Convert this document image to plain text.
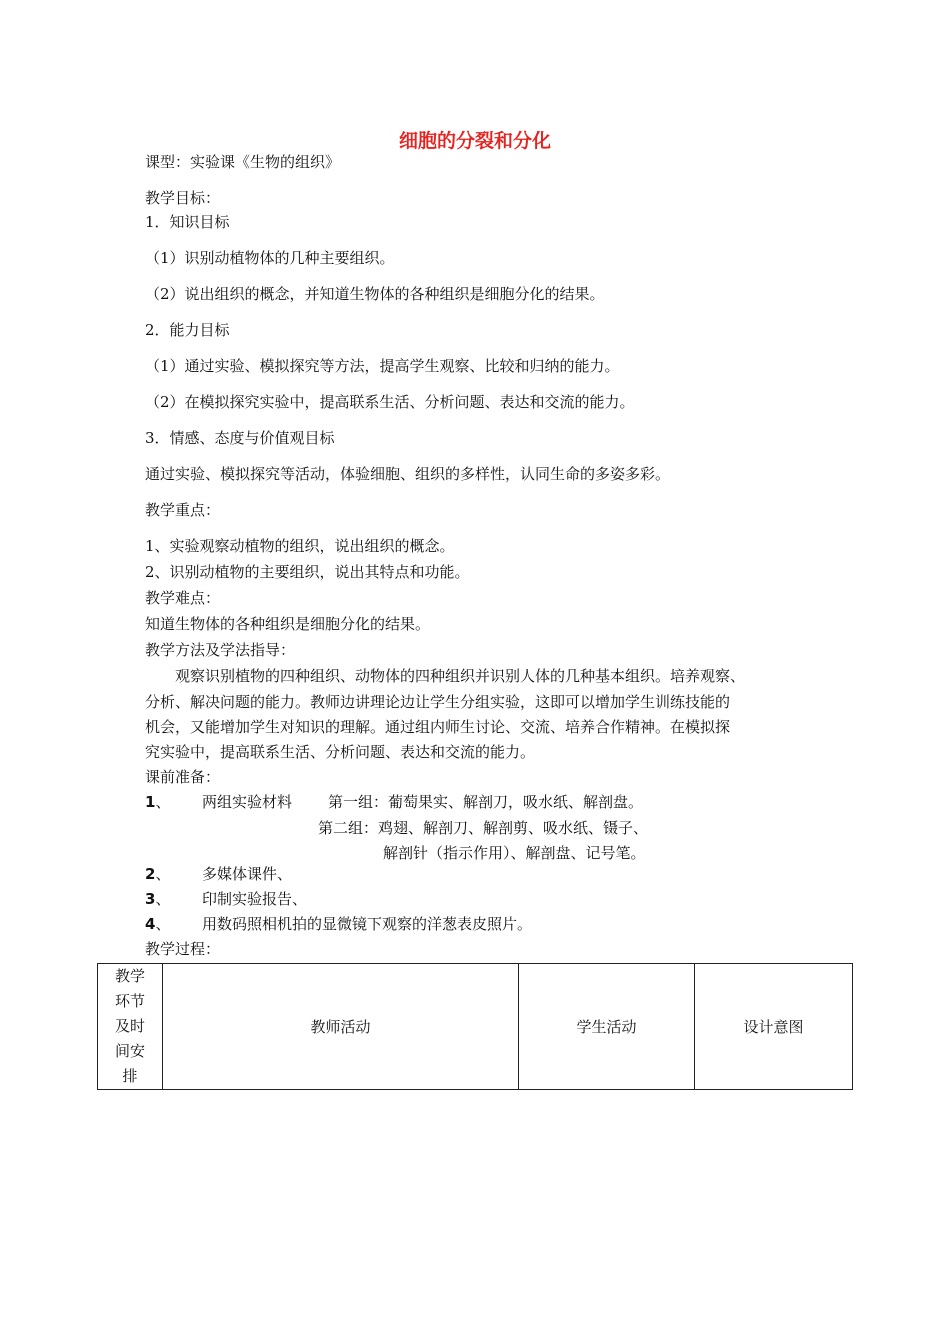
细胞的分裂和分化
课型：实验课《生物的组织》
教学目标：
1．知识目标
（1）识别动植物体的几种主要组织。
（2）说出组织的概念，并知道生物体的各种组织是细胞分化的结果。
2．能力目标
（1）通过实验、模拟探究等方法，提高学生观察、比较和归纳的能力。
（2）在模拟探究实验中，提高联系生活、分析问题、表达和交流的能力。
3．情感、态度与价值观目标
通过实验、模拟探究等活动，体验细胞、组织的多样性，认同生命的多姿多彩。
教学重点：
1、实验观察动植物的组织，说出组织的概念。
2、识别动植物的主要组织，说出其特点和功能。
教学难点：
知道生物体的各种组织是细胞分化的结果。
教学方法及学法指导：
观察识别植物的四种组织、动物体的四种组织并识别人体的几种基本组织。培养观察、
分析、解决问题的能力。教师边讲理论边让学生分组实验，这即可以增加学生训练技能的
机会，又能增加学生对知识的理解。通过组内师生讨论、交流、培养合作精神。在模拟探
究实验中，提高联系生活、分析问题、表达和交流的能力。
课前准备：
1、 两组实验材料 第一组：葡萄果实、解剖刀，吸水纸、解剖盘。
第二组：鸡翅、解剖刀、解剖剪、吸水纸、镊子、
解剖针（指示作用）、解剖盘、记号笔。
2、 多媒体课件、
3、 印制实验报告、
4、 用数码照相机拍的显微镜下观察的洋葱表皮照片。
教学过程：
教学
环节
及时
间安
排
	教师活动	学生活动	设计意图
